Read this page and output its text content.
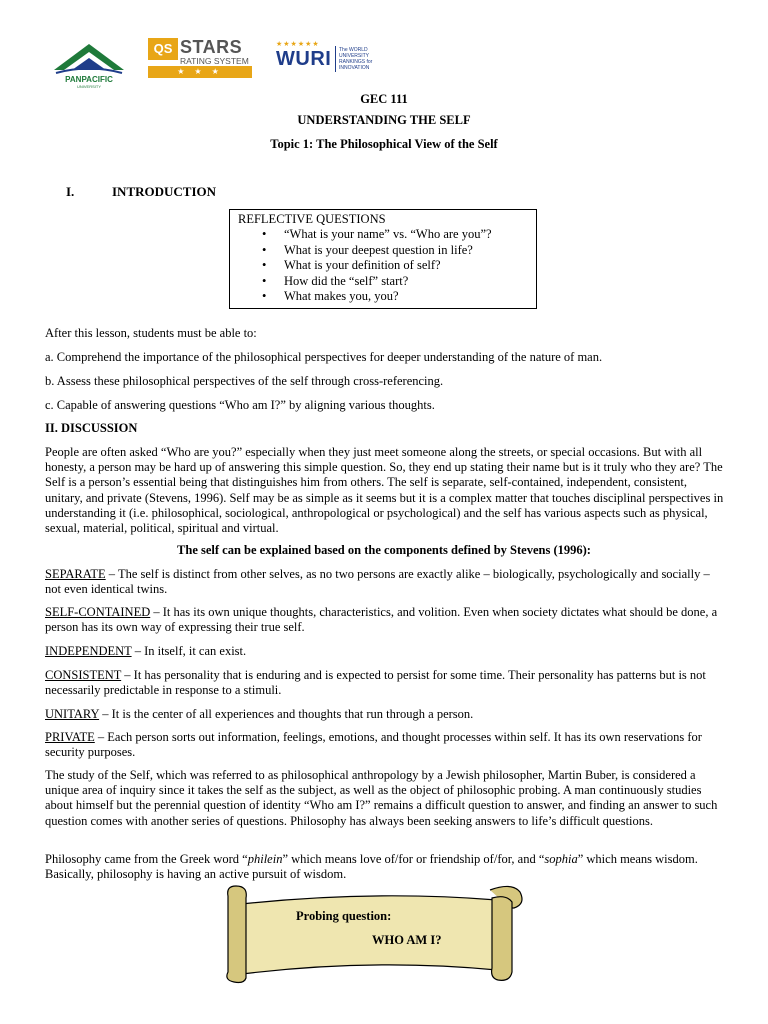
PANPACIFIC
UNIVERSITY
QS STARS
RATING SYSTEM
★ ★ ★
★★★★★★
WURI The WORLD UNIVERSITY RANKINGS for INNOVATION
GEC 111
UNDERSTANDING THE SELF
Topic 1: The Philosophical View of the Self
I.	INTRODUCTION
REFLECTIVE QUESTIONS
• “What is your name” vs. “Who are you”?
• What is your deepest question in life?
• What is your definition of self?
• How did the “self” start?
• What makes you, you?

After this lesson, students must be able to:

a. Comprehend the importance of the philosophical perspectives for deeper understanding of the nature of man.

b. Assess these philosophical perspectives of the self through cross-referencing.

c. Capable of answering questions “Who am I?” by aligning various thoughts.

II. DISCUSSION

People are often asked “Who are you?” especially when they just meet someone along the streets, or special occasions. But with all honesty, a person may be hard up of answering this simple question. So, they end up stating their name but is it truly who they are? The Self is a person’s essential being that distinguishes him from others. The self is separate, self-contained, independent, consistent, unitary, and private (Stevens, 1996). Self may be as simple as it seems but it is a complex matter that touches disciplinal perspectives in understanding it (i.e. philosophical, sociological, anthropological or psychological) and the self has various aspects such as physical, sexual, material, political, spiritual and virtual.

The self can be explained based on the components defined by Stevens (1996):

SEPARATE – The self is distinct from other selves, as no two persons are exactly alike – biologically, psychologically and socially – not even identical twins.

SELF-CONTAINED – It has its own unique thoughts, characteristics, and volition. Even when society dictates what should be done, a person has its own way of expressing their true self.

INDEPENDENT – In itself, it can exist.

CONSISTENT – It has personality that is enduring and is expected to persist for some time. Their personality has patterns but is not necessarily predictable in response to a stimuli.

UNITARY – It is the center of all experiences and thoughts that run through a person.

PRIVATE – Each person sorts out information, feelings, emotions, and thought processes within self. It has its own reservations for security purposes.

The study of the Self, which was referred to as philosophical anthropology by a Jewish philosopher, Martin Buber, is considered a unique area of inquiry since it takes the self as the subject, as well as the object of philosophic probing. A man continuously studies about himself but the perennial question of identity “Who am I?” remains a difficult question to answer, and finding an answer to such question comes with another series of questions. Philosophy has always been seeking answers to life’s difficult questions.

Philosophy came from the Greek word “philein” which means love of/for or friendship of/for, and “sophia” which means wisdom. Basically, philosophy is having an active pursuit of wisdom.

Probing question:
WHO AM I?
